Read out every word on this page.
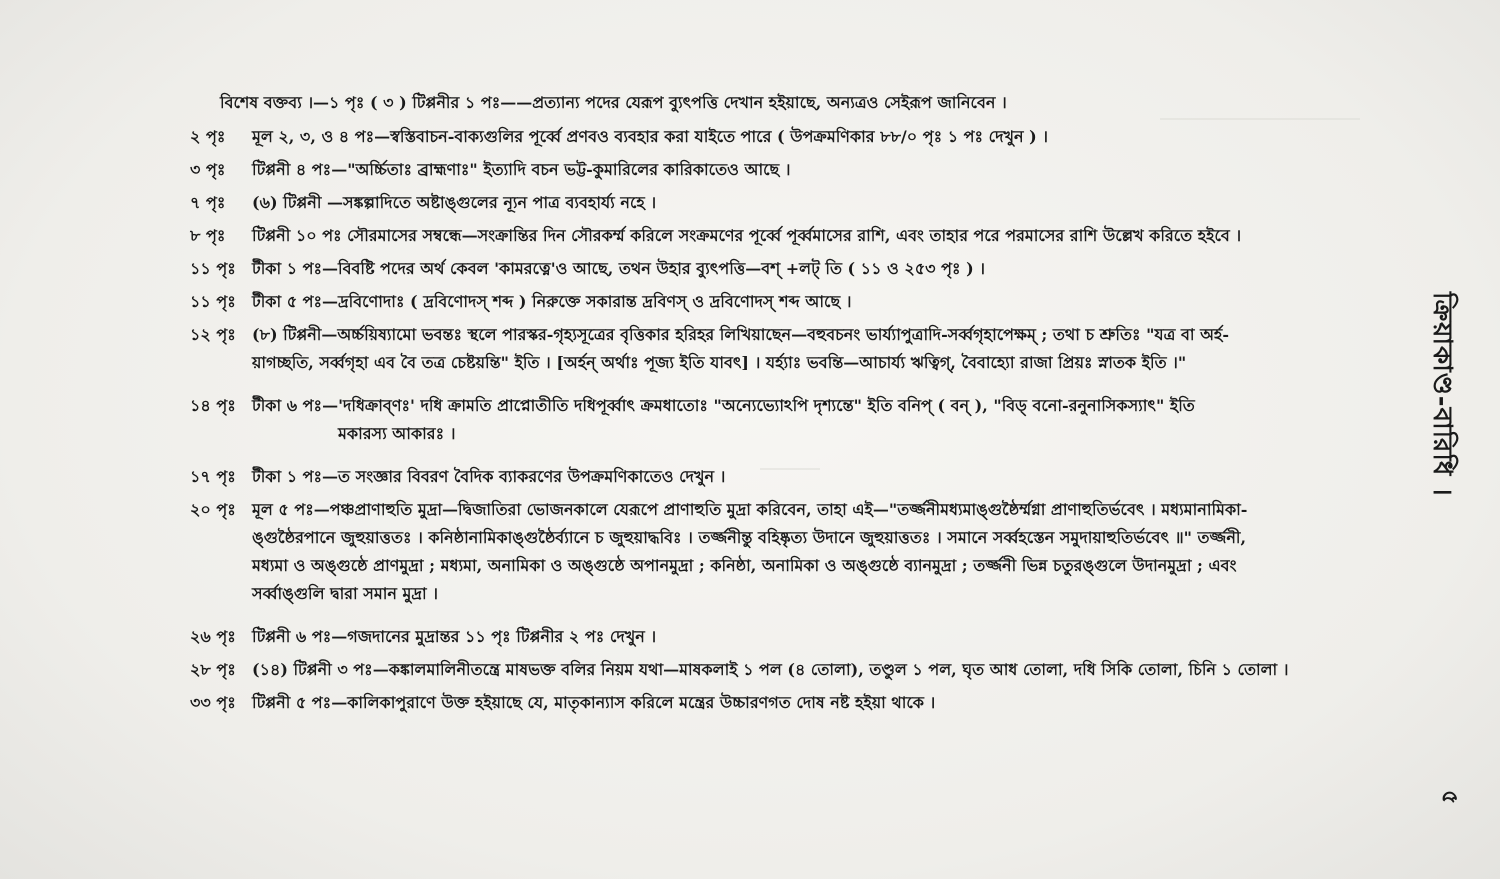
বিশেষ বক্তব্য ।—১ পৃঃ ( ৩ ) টিপ্পনীর ১ পঃ——প্রত্যান্য পদের যেরূপ ব্যুৎপত্তি দেখান হইয়াছে, অন্যত্রও সেইরূপ জানিবেন ।
২ পৃঃ	মূল ২, ৩, ও ৪ পঃ—স্বস্তিবাচন-বাক্যগুলির পূর্ব্বে প্রণবও ব্যবহার করা যাইতে পারে ( উপক্রমণিকার ৮৮/০ পৃঃ ১ পঃ দেখুন ) ।
৩ পৃঃ	টিপ্পনী ৪ পঃ—"অর্চ্চিতাঃ ব্রাহ্মণাঃ" ইত্যাদি বচন ভট্ট-কুমারিলের কারিকাতেও আছে ।
৭ পৃঃ	(৬) টিপ্পনী —সঙ্কল্পাদিতে অষ্টাঙ্গুলের ন্যূন পাত্র ব্যবহার্য্য নহে ।
৮ পৃঃ	টিপ্পনী ১০ পঃ সৌরমাসের সম্বন্ধে—সংক্রান্তির দিন সৌরকর্ম্ম করিলে সংক্রমণের পূর্ব্বে পূর্ব্বমাসের রাশি, এবং তাহার পরে পরমাসের রাশি উল্লেখ করিতে হইবে ।
১১ পৃঃ	টীকা ১ পঃ—বিবষ্টি পদের অর্থ কেবল 'কামরত্নে'ও আছে, তথন উহার ব্যুৎপত্তি—বশ্ +লট্ তি ( ১১ ও ২৫৩ পৃঃ ) ।
১১ পৃঃ	টীকা ৫ পঃ—দ্রবিণোদাঃ ( দ্রবিণোদস্ শব্দ ) নিরুক্তে সকারান্ত দ্রবিণস্ ও দ্রবিণোদস্ শব্দ আছে ।
১২ পৃঃ	(৮) টিপ্পনী—অর্চ্চয়িষ্যামো ভবন্তঃ স্থলে পারস্কর-গৃহ্যসূত্রের বৃত্তিকার হরিহর লিখিয়াছেন—বহুবচনং ভার্য্যাপুত্রাদি-সর্ব্বগৃহাপেক্ষম্ ; তথা চ শ্রুতিঃ "যত্র বা অর্হ-
য়াগচ্ছতি, সর্ব্বগৃহা এব বৈ তত্র চেষ্টয়ন্তি" ইতি । [অর্হন্ অর্থাঃ পূজ্য ইতি যাবৎ] । যর্হ্যাঃ ভবন্তি—আচার্য্য ঋত্বিগ্, বৈবাহ্যো রাজা প্রিয়ঃ স্নাতক ইতি ।"
১৪ পৃঃ	টীকা ৬ পঃ—'দধিক্রাব্ণঃ' দধি ক্রামতি প্রাপ্নোতীতি দধিপূর্ব্বাৎ ক্রমধাতোঃ "অন্যেভ্যোঽপি দৃশ্যন্তে" ইতি বনিপ্ ( বন্ ), "বিড্ বনো-রনুনাসিকস্যাৎ" ইতি
মকারস্য আকারঃ ।
১৭ পৃঃ	টীকা ১ পঃ—ত সংজ্ঞার বিবরণ বৈদিক ব্যাকরণের উপক্রমণিকাতেও দেখুন ।
২০ পৃঃ	মূল ৫ পঃ—পঞ্চপ্রাণাহুতি মুদ্রা—দ্বিজাতিরা ভোজনকালে যেরূপে প্রাণাহুতি মুদ্রা করিবেন, তাহা এই—"তর্জ্জনীমধ্যমাঙ্গুষ্ঠৈর্ম্মগ্না প্রাণাহুতির্ভবেৎ । মধ্যমানামিকা-
ঙ্গুষ্ঠৈরপানে জুহুয়াত্ততঃ । কনিষ্ঠানামিকাঙ্গুষ্ঠৈর্ব্যানে চ জুহুয়াদ্ধবিঃ । তর্জ্জনীন্তু বহিষ্কৃত্য উদানে জুহুয়াত্ততঃ । সমানে সর্ব্বহস্তেন সমুদায়াহুতির্ভবেৎ ॥" তর্জ্জনী,
মধ্যমা ও অঙ্গুষ্ঠে প্রাণমুদ্রা ; মধ্যমা, অনামিকা ও অঙ্গুষ্ঠে অপানমুদ্রা ; কনিষ্ঠা, অনামিকা ও অঙ্গুষ্ঠে ব্যানমুদ্রা ; তর্জ্জনী ভিন্ন চতুরঙ্গুলে উদানমুদ্রা ; এবং
সর্ব্বাঙ্গুলি দ্বারা সমান মুদ্রা ।
২৬ পৃঃ	টিপ্পনী ৬ পঃ—গজদানের মুদ্রান্তর ১১ পৃঃ টিপ্পনীর ২ পঃ দেখুন ।
২৮ পৃঃ	(১৪) টিপ্পনী ৩ পঃ—কঙ্কালমালিনীতন্ত্রে মাষভক্ত বলির নিয়ম যথা—মাষকলাই ১ পল (৪ তোলা), তণ্ডুল ১ পল, ঘৃত আধ তোলা, দধি সিকি তোলা, চিনি ১ তোলা ।
৩৩ পৃঃ	টিপ্পনী ৫ পঃ—কালিকাপুরাণে উক্ত হইয়াছে যে, মাতৃকান্যাস করিলে মন্ত্রের উচ্চারণগত দোষ নষ্ট হইয়া থাকে ।
ক্রিয়াকাণ্ড-বারিধি ।
৫
